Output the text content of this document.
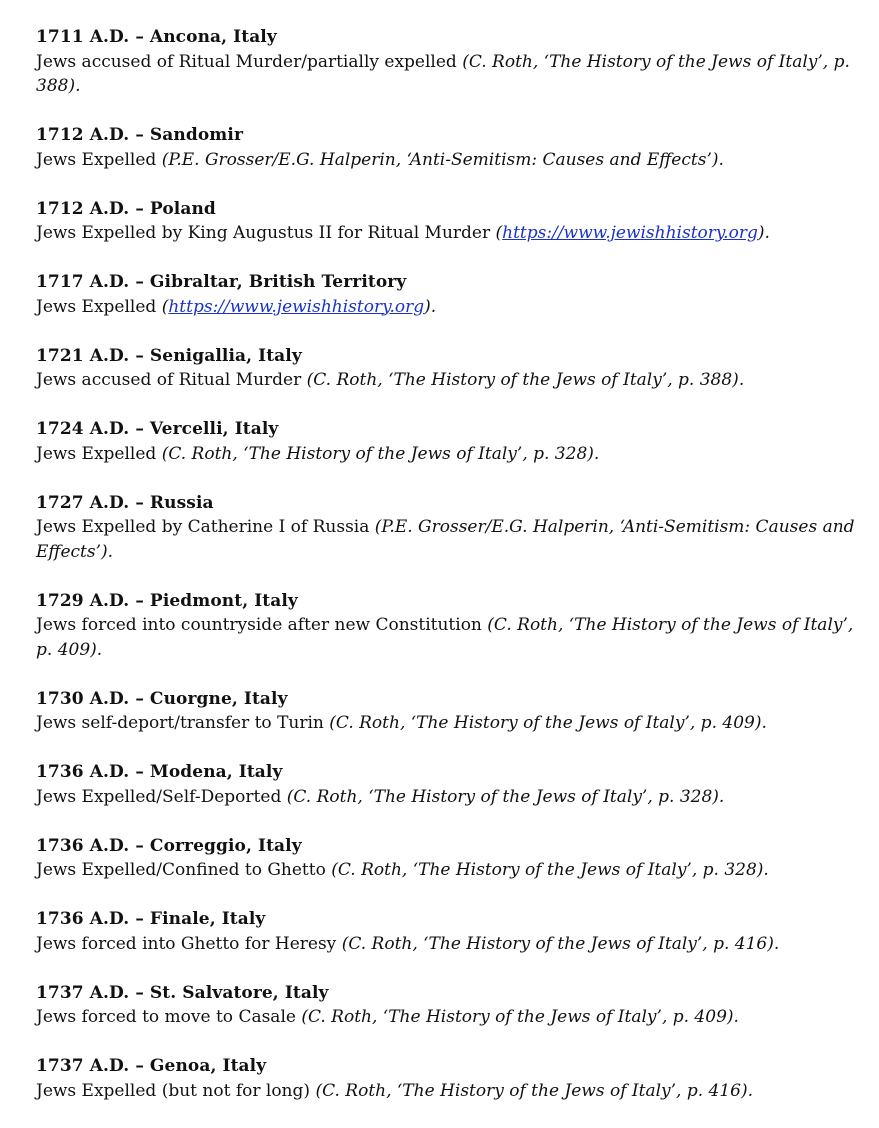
1711 A.D. – Ancona, Italy
Jews accused of Ritual Murder/partially expelled (C. Roth, ‘The History of the Jews of Italy’, p. 388).
1712 A.D. – Sandomir
Jews Expelled (P.E. Grosser/E.G. Halperin, ‘Anti-Semitism: Causes and Effects’).
1712 A.D. – Poland
Jews Expelled by King Augustus II for Ritual Murder (https://www.jewishhistory.org).
1717 A.D. – Gibraltar, British Territory
Jews Expelled (https://www.jewishhistory.org).
1721 A.D. – Senigallia, Italy
Jews accused of Ritual Murder (C. Roth, ‘The History of the Jews of Italy’, p. 388).
1724 A.D. – Vercelli, Italy
Jews Expelled (C. Roth, ‘The History of the Jews of Italy’, p. 328).
1727 A.D. – Russia
Jews Expelled by Catherine I of Russia (P.E. Grosser/E.G. Halperin, ‘Anti-Semitism: Causes and Effects’).
1729 A.D. – Piedmont, Italy
Jews forced into countryside after new Constitution (C. Roth, ‘The History of the Jews of Italy’, p. 409).
1730 A.D. – Cuorgne, Italy
Jews self-deport/transfer to Turin (C. Roth, ‘The History of the Jews of Italy’, p. 409).
1736 A.D. – Modena, Italy
Jews Expelled/Self-Deported (C. Roth, ‘The History of the Jews of Italy’, p. 328).
1736 A.D. – Correggio, Italy
Jews Expelled/Confined to Ghetto (C. Roth, ‘The History of the Jews of Italy’, p. 328).
1736 A.D. – Finale, Italy
Jews forced into Ghetto for Heresy (C. Roth, ‘The History of the Jews of Italy’, p. 416).
1737 A.D. – St. Salvatore, Italy
Jews forced to move to Casale (C. Roth, ‘The History of the Jews of Italy’, p. 409).
1737 A.D. – Genoa, Italy
Jews Expelled (but not for long) (C. Roth, ‘The History of the Jews of Italy’, p. 416).
